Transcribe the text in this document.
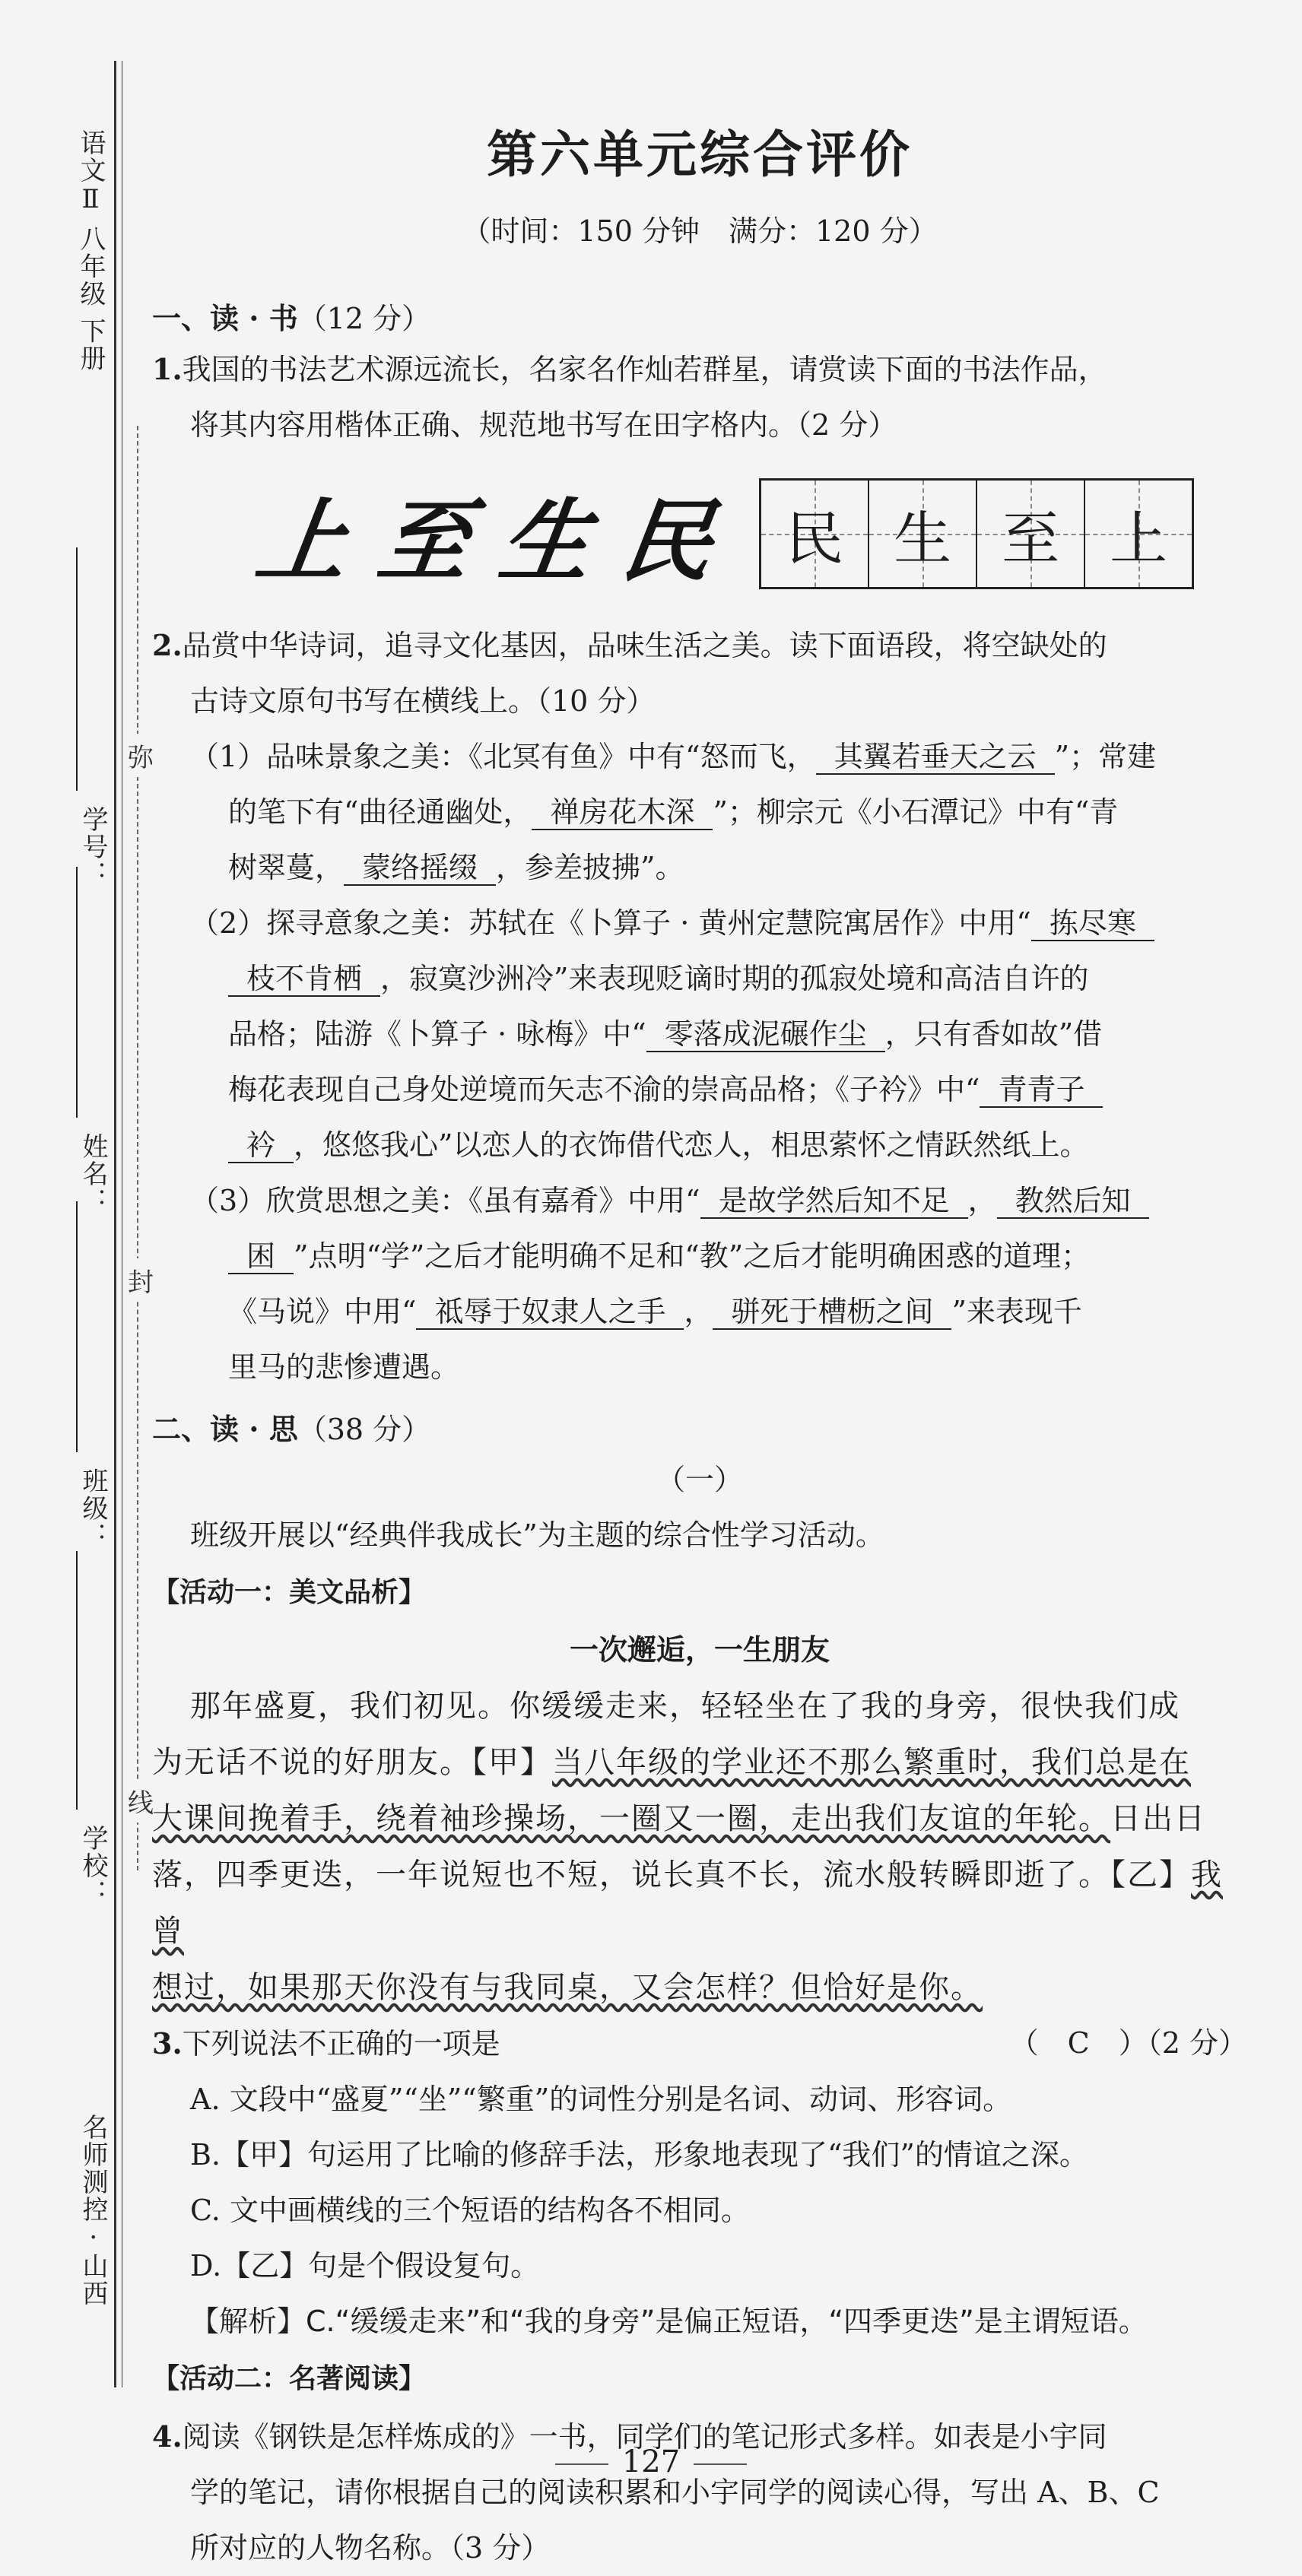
语文Ⅱ 八年级 下册
名师测控 · 山西
学号：
姓名：
班级：
学校：
弥
封
线
第六单元综合评价
（时间：150 分钟　满分：120 分）
一、读 · 书（12 分）

1.我国的书法艺术源远流长，名家名作灿若群星，请赏读下面的书法作品，

将其内容用楷体正确、规范地书写在田字格内。（2 分）

上 至 生 民 民 生 至 上

2.品赏中华诗词，追寻文化基因，品味生活之美。读下面语段，将空缺处的

古诗文原句书写在横线上。（10 分）

（1）品味景象之美：《北冥有鱼》中有“怒而飞， 其翼若垂天之云 ”；常建

的笔下有“曲径通幽处， 禅房花木深 ”；柳宗元《小石潭记》中有“青

树翠蔓， 蒙络摇缀 ，参差披拂”。

（2）探寻意象之美：苏轼在《卜算子 · 黄州定慧院寓居作》中用“ 拣尽寒

枝不肯栖 ，寂寞沙洲冷”来表现贬谪时期的孤寂处境和高洁自许的

品格；陆游《卜算子 · 咏梅》中“ 零落成泥碾作尘 ，只有香如故”借

梅花表现自己身处逆境而矢志不渝的崇高品格；《子衿》中“ 青青子

衿 ，悠悠我心”以恋人的衣饰借代恋人，相思萦怀之情跃然纸上。

（3）欣赏思想之美：《虽有嘉肴》中用“ 是故学然后知不足 ， 教然后知

困 ”点明“学”之后才能明确不足和“教”之后才能明确困惑的道理；

《马说》中用“ 祗辱于奴隶人之手 ， 骈死于槽枥之间 ”来表现千

里马的悲惨遭遇。

二、读 · 思（38 分）

（一）

班级开展以“经典伴我成长”为主题的综合性学习活动。

【活动一：美文品析】

一次邂逅，一生朋友

那年盛夏，我们初见。你缓缓走来，轻轻坐在了我的身旁，很快我们成
为无话不说的好朋友。【甲】当八年级的学业还不那么繁重时，我们总是在
大课间挽着手，绕着袖珍操场，一圈又一圈，走出我们友谊的年轮。日出日
落，四季更迭，一年说短也不短，说长真不长，流水般转瞬即逝了。【乙】我曾
想过，如果那天你没有与我同桌，又会怎样？但恰好是你。

3.下列说法不正确的一项是	（　C　）（2 分）

A. 文段中“盛夏”“坐”“繁重”的词性分别是名词、动词、形容词。

B.【甲】句运用了比喻的修辞手法，形象地表现了“我们”的情谊之深。

C. 文中画横线的三个短语的结构各不相同。

D.【乙】句是个假设复句。

【解析】C.“缓缓走来”和“我的身旁”是偏正短语，“四季更迭”是主谓短语。

【活动二：名著阅读】

4.阅读《钢铁是怎样炼成的》一书，同学们的笔记形式多样。如表是小宇同

学的笔记，请你根据自己的阅读积累和小宇同学的阅读心得，写出 A、B、C

所对应的人物名称。（3 分）

127
